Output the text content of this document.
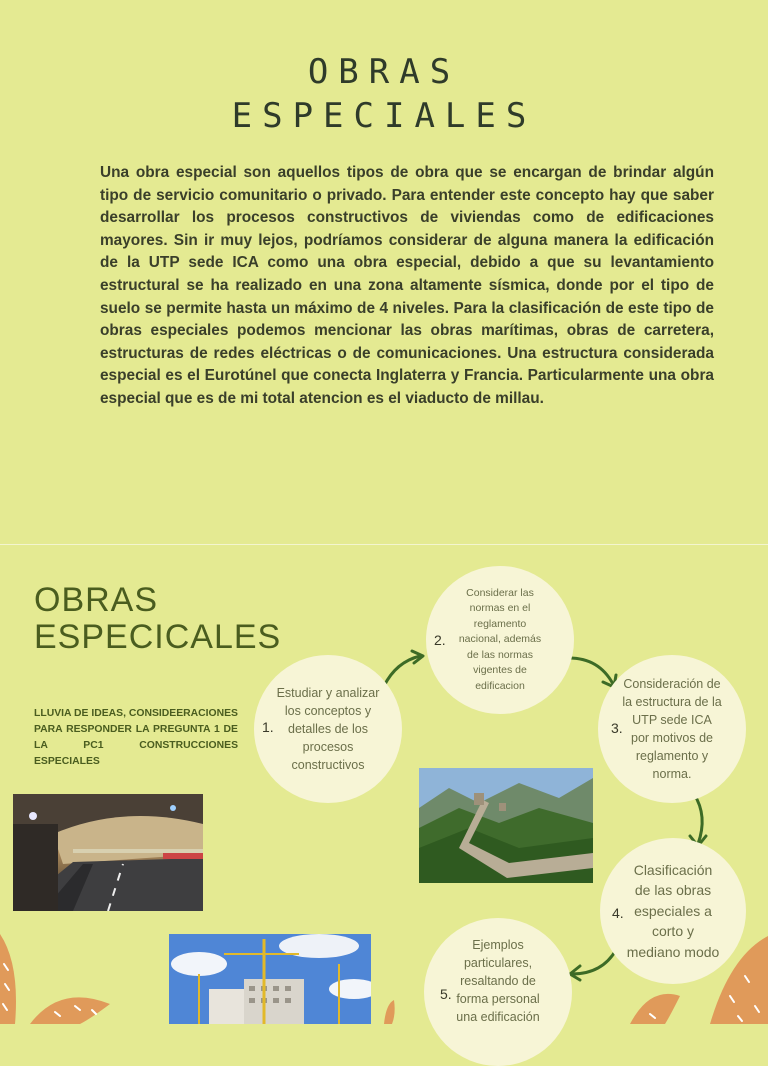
OBRAS
ESPECIALES

Una obra especial son aquellos tipos de obra que se encargan de brindar algún tipo de servicio comunitario o privado. Para entender este concepto hay que saber desarrollar los procesos constructivos de viviendas como de edificaciones mayores. Sin ir muy lejos, podríamos considerar de alguna manera la edificación de la UTP sede ICA como una obra especial, debido a que su levantamiento estructural se ha realizado en una zona altamente sísmica, donde por el tipo de suelo se permite hasta un máximo de 4 niveles. Para la clasificación de este tipo de obras especiales podemos mencionar las obras marítimas, obras de carretera, estructuras de redes eléctricas o de comunicaciones. Una estructura considerada especial es el Eurotúnel que conecta Inglaterra y Francia. Particularmente una obra especial que es de mi total atencion es el viaducto de millau.

OBRAS
ESPECICALES
LLUVIA DE IDEAS, CONSIDEERACIONES PARA RESPONDER LA PREGUNTA 1 DE LA PC1 CONSTRUCCIONES ESPECIALES
Estudiar y analizar los conceptos y detalles de los procesos constructivos
Considerar las normas en el reglamento nacional, además de las normas vigentes de edificacion	Consideración de la estructura de la UTP sede ICA por motivos de reglamento y norma.
Clasificación de las obras especiales a corto y mediano modo
Ejemplos particulares, resaltando de forma personal una edificación
1.
2.
3.
4.
5.
